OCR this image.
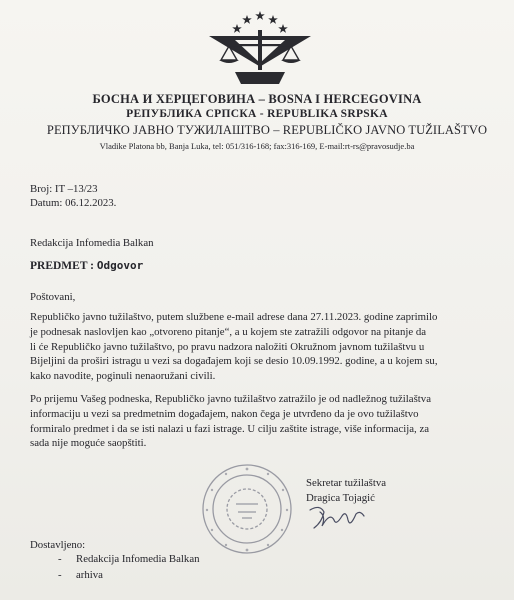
БОСНА И ХЕРЦЕГОВИНА – BOSNA I HERCEGOVINA
РЕПУБЛИКА СРПСКА - REPUBLIKA SRPSKA
РЕПУБЛИЧКО ЈАВНО ТУЖИЛАШТВО – REPUBLIČKO JAVNO TUŽILAŠTVO
Vladike Platona bb, Banja Luka, tel: 051/316-168; fax:316-169, E-mail:rt-rs@pravosudje.ba
Broj: IT –13/23
Datum: 06.12.2023.
Redakcija Infomedia Balkan
PREDMET : Odgovor
Poštovani,
Republičko javno tužilaštvo, putem službene e-mail adrese dana 27.11.2023. godine zaprimilo
je podnesak naslovljen kao „otvoreno pitanje“, a u kojem ste zatražili odgovor na pitanje da
li će Republičko javno tužilaštvo, po pravu nadzora naložiti Okružnom javnom tužilaštvu u
Bijeljini da proširi istragu u vezi sa događajem koji se desio 10.09.1992. godine, a u kojem su,
kako navodite, poginuli nenaoružani civili.
Po prijemu Vašeg podneska, Republičko javno tužilaštvo zatražilo je od nadležnog tužilaštva
informaciju u vezi sa predmetnim događajem, nakon čega je utvrđeno da je ovo tužilaštvo
formiralo predmet i da se isti nalazi u fazi istrage. U cilju zaštite istrage, više informacija, za
sada nije moguće saopštiti.
Sekretar tužilaštva
Dragica Tojagić
Dostavljeno:
- Redakcija Infomedia Balkan
- arhiva
